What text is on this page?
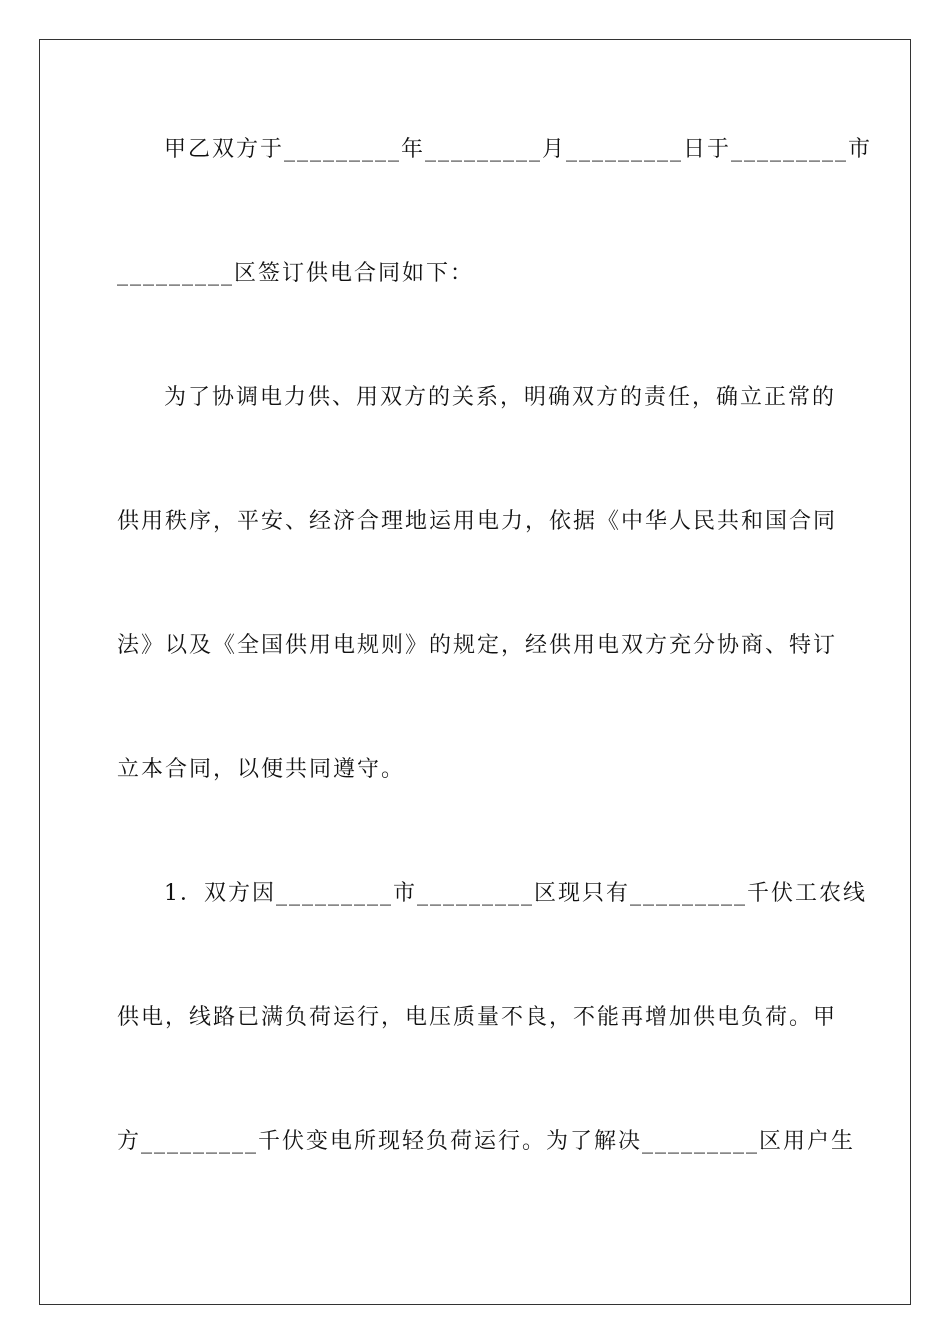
甲乙双方于_________年_________月_________日于_________市
_________区签订供电合同如下：
为了协调电力供、用双方的关系，明确双方的责任，确立正常的
供用秩序，平安、经济合理地运用电力，依据《中华人民共和国合同
法》以及《全国供用电规则》的规定，经供用电双方充分协商、特订
立本合同，以便共同遵守。
1．双方因_________市_________区现只有_________千伏工农线
供电，线路已满负荷运行，电压质量不良，不能再增加供电负荷。甲
方_________千伏变电所现轻负荷运行。为了解决_________区用户生
